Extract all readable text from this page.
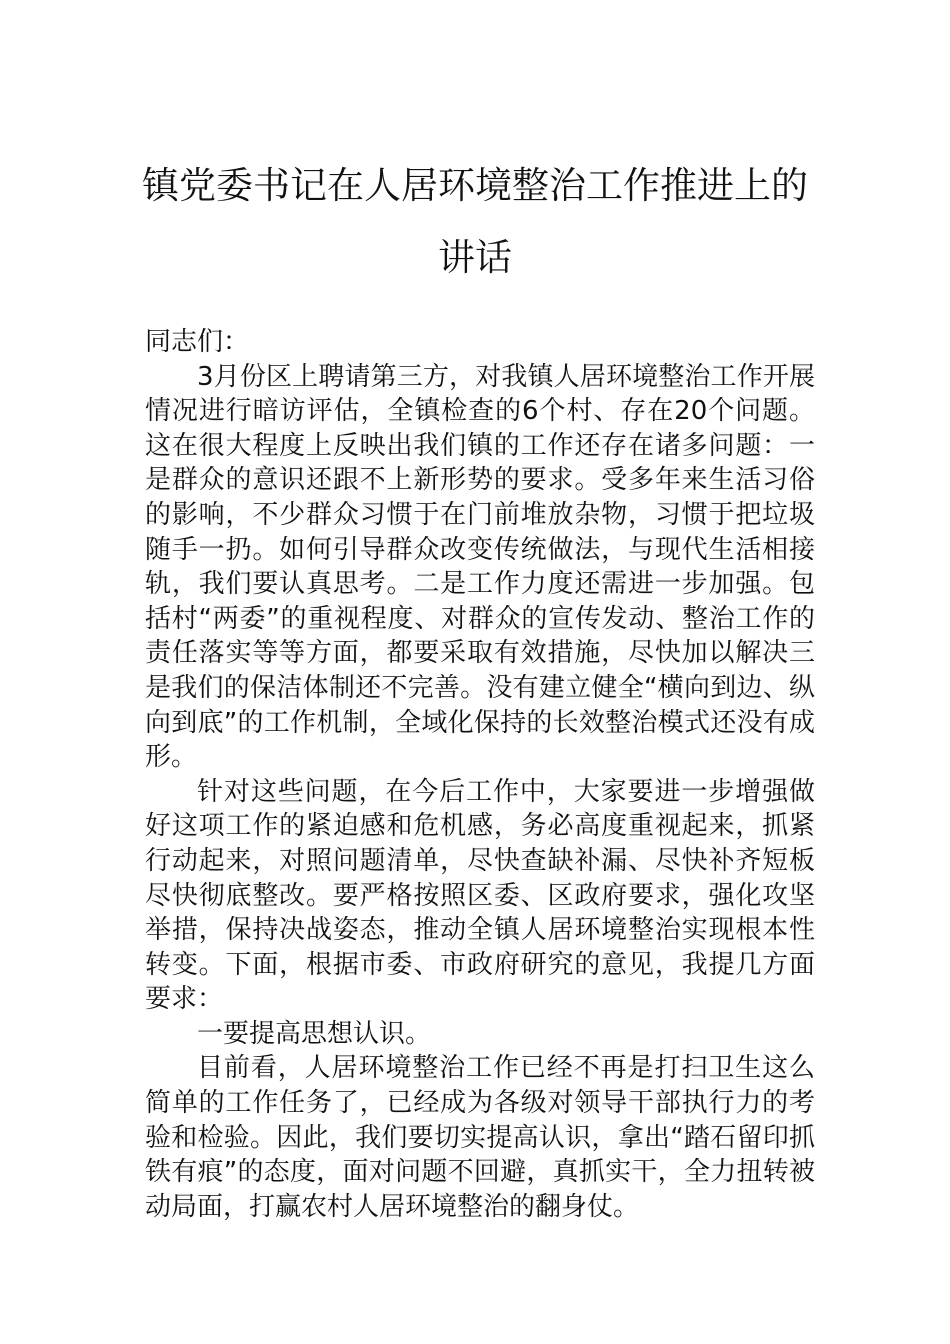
镇党委书记在人居环境整治工作推进上的
讲话

同志们：

3月份区上聘请第三方，对我镇人居环境整治工作开展情况进行暗访评估，全镇检查的6个村、存在20个问题。这在很大程度上反映出我们镇的工作还存在诸多问题：一是群众的意识还跟不上新形势的要求。受多年来生活习俗的影响，不少群众习惯于在门前堆放杂物，习惯于把垃圾随手一扔。如何引导群众改变传统做法，与现代生活相接轨，我们要认真思考。二是工作力度还需进一步加强。包括村“两委”的重视程度、对群众的宣传发动、整治工作的责任落实等等方面，都要采取有效措施，尽快加以解决三是我们的保洁体制还不完善。没有建立健全“横向到边、纵向到底”的工作机制，全域化保持的长效整治模式还没有成形。

针对这些问题，在今后工作中，大家要进一步增强做好这项工作的紧迫感和危机感，务必高度重视起来，抓紧行动起来，对照问题清单，尽快查缺补漏、尽快补齐短板尽快彻底整改。要严格按照区委、区政府要求，强化攻坚举措，保持决战姿态，推动全镇人居环境整治实现根本性转变。下面，根据市委、市政府研究的意见，我提几方面要求：

一要提高思想认识。

目前看，人居环境整治工作已经不再是打扫卫生这么简单的工作任务了，已经成为各级对领导干部执行力的考验和检验。因此，我们要切实提高认识，拿出“踏石留印抓铁有痕”的态度，面对问题不回避，真抓实干，全力扭转被动局面，打赢农村人居环境整治的翻身仗。
